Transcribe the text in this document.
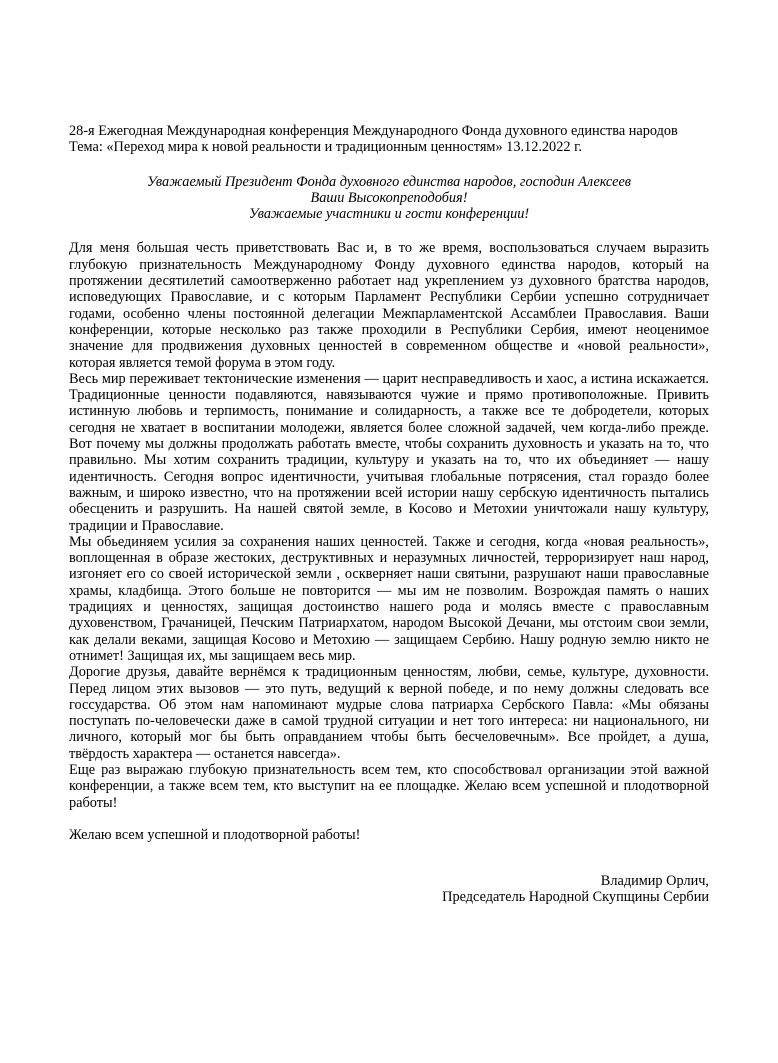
28-я Ежегодная Международная конференция Международного Фонда духовного единства народов
Тема: «Переход мира к новой реальности и традиционным ценностям» 13.12.2022 г.
Уважаемый Президент Фонда духовного единства народов, господин Алексеев
Ваши Высокопреподобия!
Уважаемые участники и гости конференции!

Для меня большая честь приветствовать Вас и, в то же время, воспользоваться случаем выразить глубокую признательность Международному Фонду духовного единства народов, который на протяжении десятилетий самоотверженно работает над укреплением уз духовного братства народов, исповедующих Православие, и с которым Парламент Республики Сербии успешно сотрудничает годами, особенно члены постоянной делегации Межпарламентской Ассамблеи Православия. Ваши конференции, которые несколько раз также проходили в Республики Сербия, имеют неоценимое значение для продвижения духовных ценностей в современном обществе и «новой реальности», которая является темой форума в этом году.

Весь мир переживает тектонические изменения — царит несправедливость и хаос, а истина искажается. Традиционные ценности подавляются, навязываются чужие и прямо противоположные. Привить истинную любовь и терпимость, понимание и солидарность, а также все те добродетели, которых сегодня не хватает в воспитании молодежи, является более сложной задачей, чем когда-либо прежде. Вот почему мы должны продолжать работать вместе, чтобы сохранить духовность и указать на то, что правильно. Мы хотим сохранить традиции, культуру и указать на то, что их объединяет — нашу идентичность. Сегодня вопрос идентичности, учитывая глобальные потрясения, стал гораздо более важным, и широко известно, что на протяжении всей истории нашу сербскую идентичность пытались обесценить и разрушить. На нашей святой земле, в Косово и Метохии уничтожали нашу культуру, традиции и Православие.

Мы обьединяем усилия за сохранения наших ценностей. Также и сегодня, когда «новая реальность», воплощенная в образе жестоких, деструктивных и неразумных личностей, терроризирует наш народ, изгоняет его со своей исторической земли , оскверняет наши святыни, разрушают наши православные храмы, кладбища. Этого больше не повторится — мы им не позволим. Возрождая память о наших традициях и ценностях, защищая достоинство нашего рода и молясь вместе с православным духовенством, Грачаницей, Печским Патриархатом, народом Высокой Дечани, мы отстоим свои земли, как делали веками, защищая Косово и Метохию — защищаем Сербию. Нашу родную землю никто не отнимет! Защищая их, мы защищаем весь мир.

Дорогие друзья, давайте вернёмся к традиционным ценностям, любви, семье, культуре, духовности. Перед лицом этих вызовов — это путь, ведущий к верной победе, и по нему должны следовать все госсударства. Об этом нам напоминают мудрые слова патриарха Сербского Павла: «Мы обязаны поступать по-человечески даже в самой трудной ситуации и нет того интереса: ни национального, ни личного, который мог бы быть оправданием чтобы быть бесчеловечным». Все пройдет, а душа, твёрдость характера — останется навсегда».

Еще раз выражаю глубокую признательность всем тем, кто способствовал организации этой важной конференции, а также всем тем, кто выступит на ее площадке. Желаю всем успешной и плодотворной работы!

Желаю всем успешной и плодотворной работы!

Владимир Орлич,
Председатель Народной Скупщины Сербии
